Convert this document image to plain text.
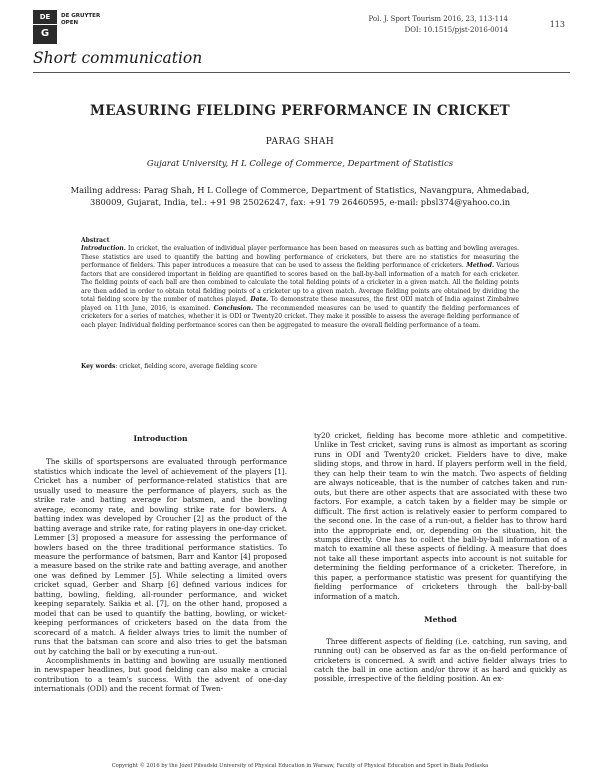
DE
G
DE GRUYTER
OPEN	Pol. J. Sport Tourism 2016, 23, 113-114
DOI: 10.1515/pjst-2016-0014
113
Short communication
MEASURING FIELDING PERFORMANCE IN CRICKET
PARAG SHAH
Gujarat University, H L College of Commerce, Department of Statistics
Mailing address: Parag Shah, H L College of Commerce, Department of Statistics, Navangpura, Ahmedabad, 380009, Gujarat, India, tel.: +91 98 25026247, fax: +91 79 26460595, e-mail: pbsl374@yahoo.co.in
Abstract
Introduction. In cricket, the evaluation of individual player performance has been based on measures such as batting and bowling averages. These statistics are used to quantify the batting and bowling performance of cricketers, but there are no statistics for measuring the performance of fielders. This paper introduces a measure that can be used to assess the fielding performance of cricketers. Method. Various factors that are considered important in fielding are quantified to scores based on the ball-by-ball information of a match for each cricketer. The fielding points of each ball are then combined to calculate the total fielding points of a cricketer in a given match. All the fielding points are then added in order to obtain total fielding points of a cricketer up to a given match. Average fielding points are obtained by dividing the total fielding score by the number of matches played. Data. To demonstrate these measures, the first ODI match of India against Zimbabwe played on 11th June, 2016, is examined. Conclusion. The recommended measures can be used to quantify the fielding performances of cricketers for a series of matches, whether it is ODI or Twenty20 cricket. They make it possible to assess the average fielding performance of each player. Individual fielding performance scores can then be aggregated to measure the overall fielding performance of a team.
Key words: cricket, fielding score, average fielding score
Introduction

The skills of sportspersons are evaluated through performance statistics which indicate the level of achievement of the players [1]. Cricket has a number of performance-related statistics that are usually used to measure the performance of players, such as the strike rate and batting average for batsmen, and the bowling average, economy rate, and bowling strike rate for bowlers. A batting index was developed by Croucher [2] as the product of the batting average and strike rate, for rating players in one-day cricket. Lemmer [3] proposed a measure for assessing the performance of bowlers based on the three traditional performance statistics. To measure the performance of batsmen, Barr and Kantor [4] proposed a measure based on the strike rate and batting average, and another one was defined by Lemmer [5]. While selecting a limited overs cricket squad, Gerber and Sharp [6] defined various indices for batting, bowling, fielding, all-rounder performance, and wicket keeping separately. Saikia et al. [7], on the other hand, proposed a model that can be used to quantify the batting, bowling, or wicket-keeping performances of cricketers based on the data from the scorecard of a match. A fielder always tries to limit the number of runs that the batsman can score and also tries to get the batsman out by catching the ball or by executing a run-out.

Accomplishments in batting and bowling are usually mentioned in newspaper headlines, but good fielding can also make a crucial contribution to a team's success. With the advent of one-day internationals (ODI) and the recent format of Twen-

ty20 cricket, fielding has become more athletic and competitive. Unlike in Test cricket, saving runs is almost as important as scoring runs in ODI and Twenty20 cricket. Fielders have to dive, make sliding stops, and throw in hard. If players perform well in the field, they can help their team to win the match. Two aspects of fielding are always noticeable, that is the number of catches taken and run-outs, but there are other aspects that are associated with these two factors. For example, a catch taken by a fielder may be simple or difficult. The first action is relatively easier to perform compared to the second one. In the case of a run-out, a fielder has to throw hard into the appropriate end, or, depending on the situation, hit the stumps directly. One has to collect the ball-by-ball information of a match to examine all these aspects of fielding. A measure that does not take all these important aspects into account is not suitable for determining the fielding performance of a cricketer. Therefore, in this paper, a performance statistic was present for quantifying the fielding performance of cricketers through the ball-by-ball information of a match.

Method

Three different aspects of fielding (i.e. catching, run saving, and running out) can be observed as far as the on-field performance of cricketers is concerned. A swift and active fielder always tries to catch the ball in one action and/or throw it as hard and quickly as possible, irrespective of the fielding position. An ex-

Copyright © 2016 by the Józef Piłsudski University of Physical Education in Warsaw, Faculty of Physical Education and Sport in Biała Podlaska
